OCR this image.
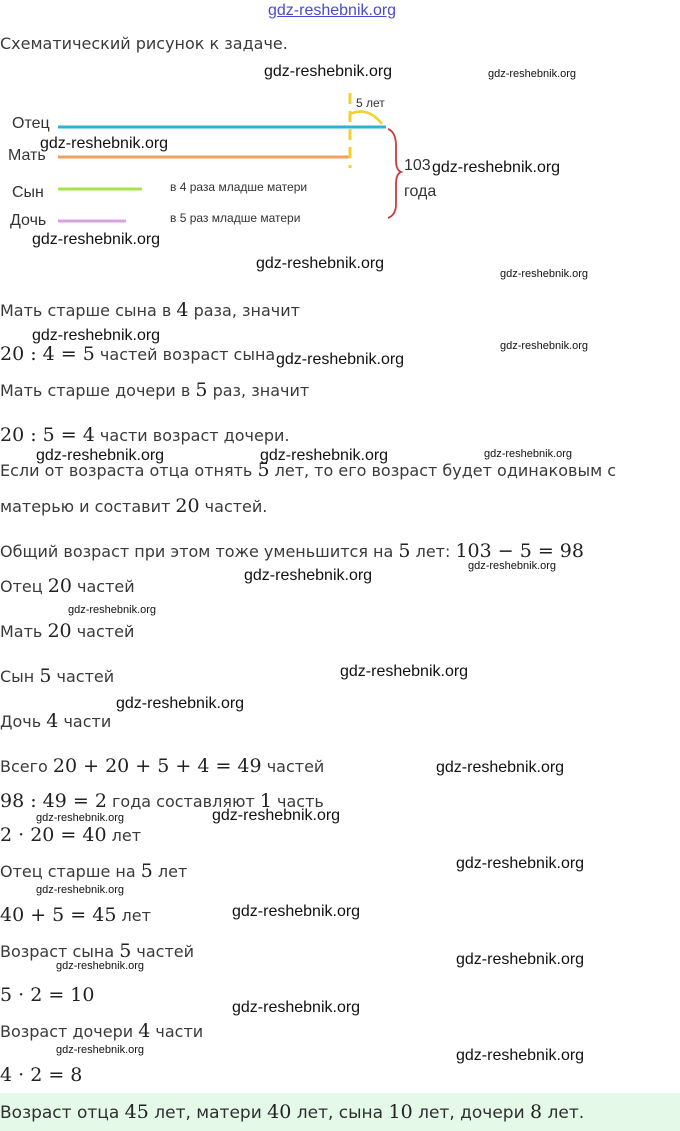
gdz-reshebnik.org
Схематический рисунок к задаче.
Отец
Мать
Сын
Дочь
5 лет
в 4 раза младше матери
в 5 раз младше матери
103
года
Мать старше сына в 4 раза, значит
20 : 4 = 5 частей возраст сына
Мать старше дочери в 5 раз, значит
20 : 5 = 4 части возраст дочери.
Если от возраста отца отнять 5 лет, то его возраст будет одинаковым с
матерью и составит 20 частей.
Общий возраст при этом тоже уменьшится на 5 лет: 103 − 5 = 98
Отец 20 частей
Мать 20 частей
Сын 5 частей
Дочь 4 части
Всего 20 + 20 + 5 + 4 = 49 частей
98 : 49 = 2 года составляют 1 часть
2 · 20 = 40 лет
Отец старше на 5 лет
40 + 5 = 45 лет
Возраст сына 5 частей
5 · 2 = 10
Возраст дочери 4 части
4 · 2 = 8
Возраст отца 45 лет, матери 40 лет, сына 10 лет, дочери 8 лет.
gdz-reshebnik.org	gdz-reshebnik.org
gdz-reshebnik.org
gdz-reshebnik.org
gdz-reshebnik.org
gdz-reshebnik.org
gdz-reshebnik.org
gdz-reshebnik.org
gdz-reshebnik.org
gdz-reshebnik.org
gdz-reshebnik.org	gdz-reshebnik.org	gdz-reshebnik.org
gdz-reshebnik.org
gdz-reshebnik.org
gdz-reshebnik.org
gdz-reshebnik.org
gdz-reshebnik.org
gdz-reshebnik.org
gdz-reshebnik.org	gdz-reshebnik.org
gdz-reshebnik.org
gdz-reshebnik.org
gdz-reshebnik.org
gdz-reshebnik.org	gdz-reshebnik.org
gdz-reshebnik.org
gdz-reshebnik.org	gdz-reshebnik.org
